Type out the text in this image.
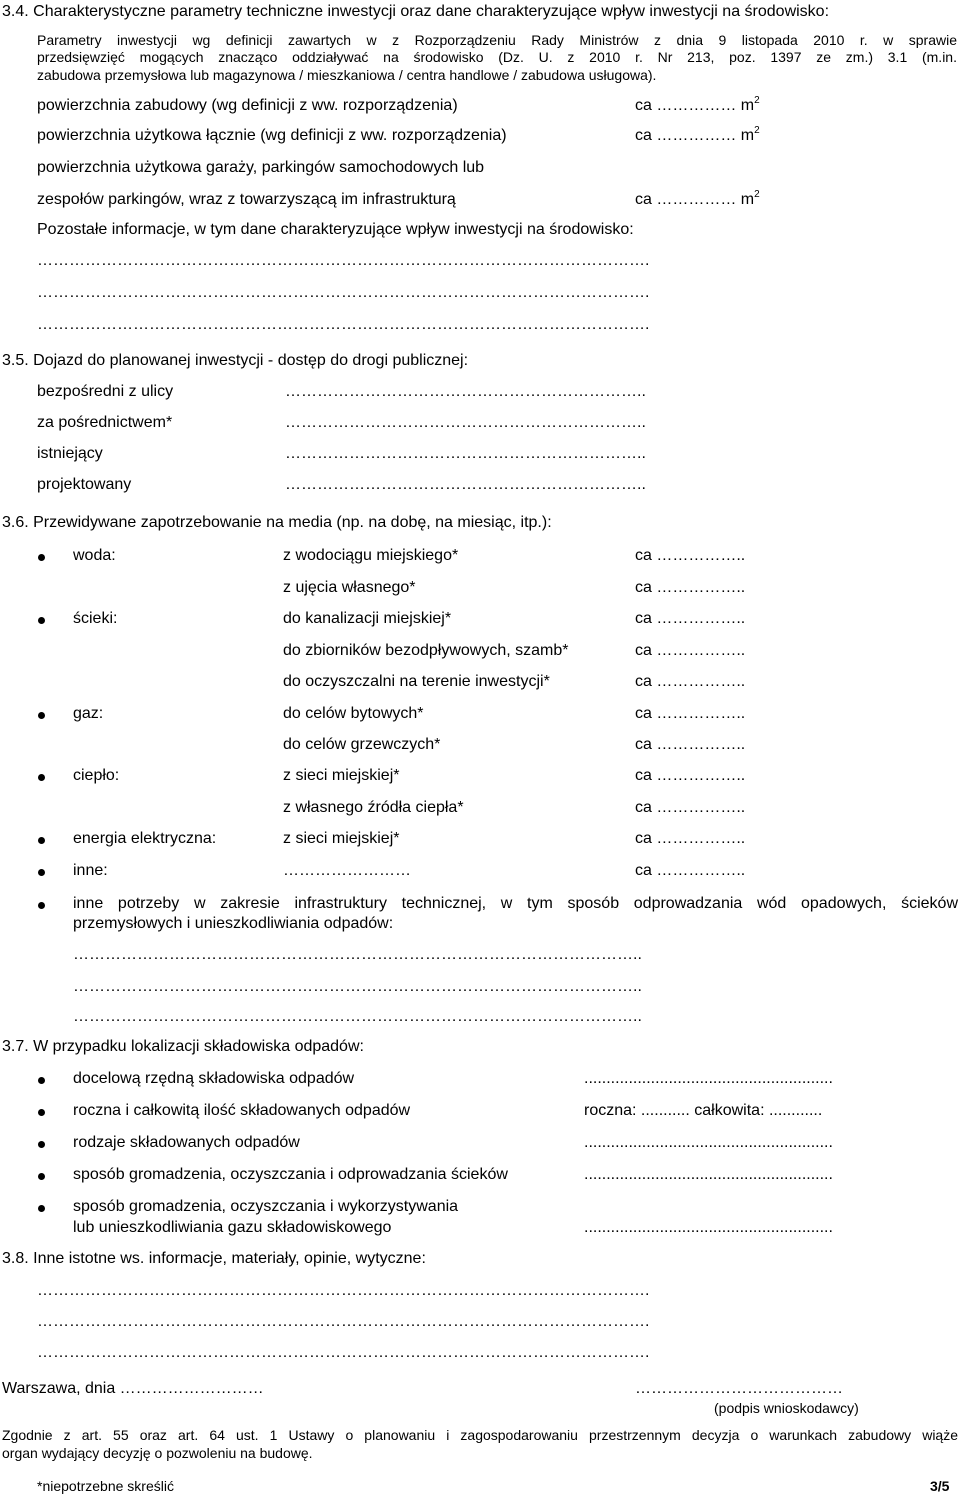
3.4. Charakterystyczne parametry techniczne inwestycji oraz dane charakteryzujące wpływ inwestycji na środowisko:
Parametry inwestycji wg definicji zawartych w z Rozporządzeniu Rady Ministrów z dnia 9 listopada 2010 r. w sprawie
przedsięwzięć mogących znacząco oddziaływać na środowisko (Dz. U. z 2010 r. Nr 213, poz. 1397 ze zm.) 3.1 (m.in.
zabudowa przemysłowa lub magazynowa / mieszkaniowa / centra handlowe / zabudowa usługowa).
powierzchnia zabudowy (wg definicji z ww. rozporządzenia)	ca …………… $m^2$
powierzchnia użytkowa łącznie (wg definicji z ww. rozporządzenia)	ca …………… $m^2$
powierzchnia użytkowa garaży, parkingów samochodowych lub
zespołów parkingów, wraz z towarzyszącą im infrastrukturą	ca …………… $m^2$
Pozostałe informacje, w tym dane charakteryzujące wpływ inwestycji na środowisko:
…………………………………………………………………………………………………….
…………………………………………………………………………………………………….
…………………………………………………………………………………………………….
3.5. Dojazd do planowanej inwestycji - dostęp do drogi publicznej:
bezpośredni z ulicy	…………………………………………………………..
za pośrednictwem*	…………………………………………………………..
istniejący	…………………………………………………………..
projektowany	…………………………………………………………..
3.6. Przewidywane zapotrzebowanie na media (np. na dobę, na miesiąc, itp.):
woda:	z wodociągu miejskiego*	ca ……………..
z ujęcia własnego*	ca ……………..
ścieki:	do kanalizacji miejskiej*	ca ……………..
do zbiorników bezodpływowych, szamb*	ca ……………..
do oczyszczalni na terenie inwestycji*	ca ……………..
gaz:	do celów bytowych*	ca ……………..
do celów grzewczych*	ca ……………..
ciepło:	z sieci miejskiej*	ca ……………..
z własnego źródła ciepła*	ca ……………..
energia elektryczna:	z sieci miejskiej*	ca ……………..
inne:	……………………	ca ……………..
inne potrzeby w zakresie infrastruktury technicznej, w tym sposób odprowadzania wód opadowych, ścieków
przemysłowych i unieszkodliwiania odpadów:
……………………………………………………………………………………………..
……………………………………………………………………………………………..
……………………………………………………………………………………………..
3.7. W przypadku lokalizacji składowiska odpadów:
docelową rzędną składowiska odpadów	........................................................
roczna i całkowitą ilość składowanych odpadów	roczna: ........... całkowita: ............
rodzaje składowanych odpadów	........................................................
sposób gromadzenia, oczyszczania i odprowadzania ścieków	........................................................
sposób gromadzenia, oczyszczania i wykorzystywania
lub unieszkodliwiania gazu składowiskowego	........................................................
3.8. Inne istotne ws. informacje, materiały, opinie, wytyczne:
…………………………………………………………………………………………………….
…………………………………………………………………………………………………….
…………………………………………………………………………………………………….
Warszawa, dnia ………………………	…………………………………
(podpis wnioskodawcy)
Zgodnie z art. 55 oraz art. 64 ust. 1 Ustawy o planowaniu i zagospodarowaniu przestrzennym decyzja o warunkach zabudowy wiąże
organ wydający decyzję o pozwoleniu na budowę.
*niepotrzebne skreślić	3/5
